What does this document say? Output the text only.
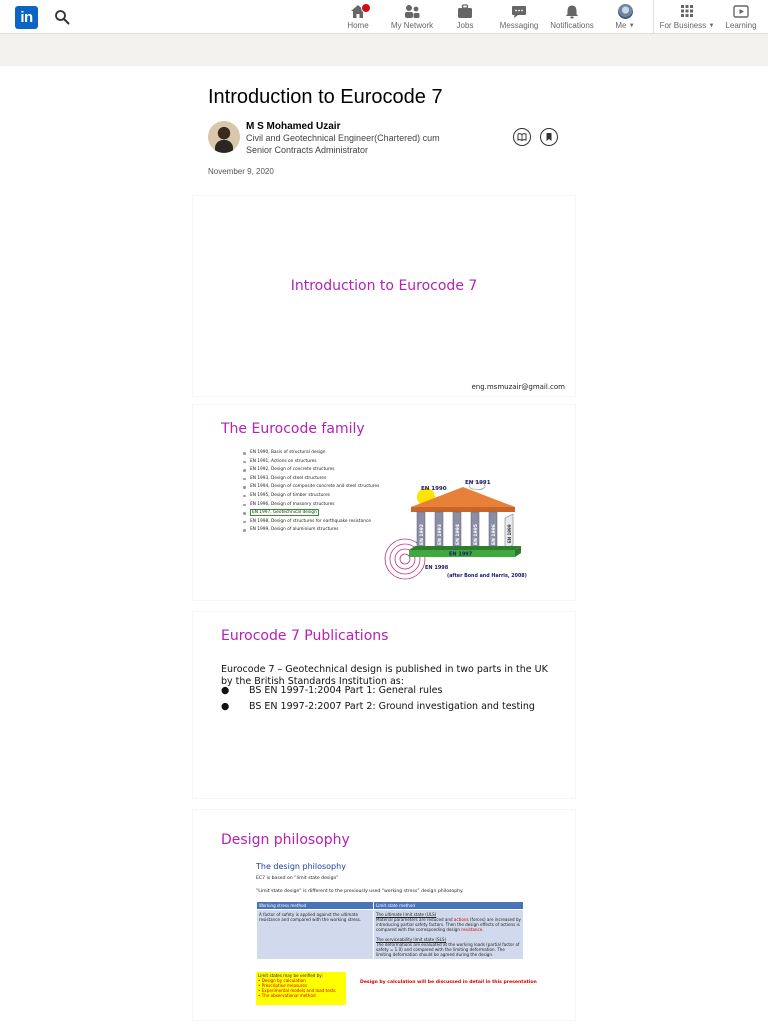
in	Home	My Network	Jobs	Messaging Notifications	Me ▼	For Business ▼ Learning
Introduction to Eurocode 7
M S Mohamed Uzair
Civil and Geotechnical Engineer(Chartered) cum Senior Contracts Administrator
November 9, 2020
Introduction to Eurocode 7
eng.msmuzair@gmail.com
The Eurocode family
EN 1990, Basis of structural design
EN 1991, Actions on structures
EN 1992, Design of concrete structures
EN 1993, Design of steel structures
EN 1994, Design of composite concrete and steel structures
EN 1995, Design of timber structures
EN 1996, Design of masonry structures
EN 1997, Geotechnical design
EN 1998, Design of structures for earthquake resistance
EN 1999, Design of aluminium structures
EN 1990
EN 1991
EN 1992	EN 1993	EN 1994	EN 1995	EN 1996	EN 1999
EN 1997
EN 1998
(after Bond and Harris, 2008)
Eurocode 7 Publications
Eurocode 7 – Geotechnical design is published in two parts in the UK by the British Standards Institution as:
● BS EN 1997-1:2004 Part 1: General rules
● BS EN 1997-2:2007 Part 2: Ground investigation and testing
Design philosophy
The design philosophy
EC7 is based on “limit state design”
“Limit state design” is different to the previously used “working stress” design philosophy.
Working stress method	Limit state method
A factor of safety is applied against the ultimate resistance and compared with the working stress.	The ultimate limit state (ULS)
Material parameters are reduced and actions (forces) are increased by introducing partial safety factors. Then the design effects of actions is compared with the corresponding design resistance.

The serviceability limit state (SLS)
The deformations are evaluated at the working loads (partial factor of safety = 1.0) and compared with the limiting deformation. The limiting deformation should be agreed during the design.
Limit states may be verified by:
• Design by calculation
• Prescriptive measures
• Experimental models and load tests
• The observational method
Design by calculation will be discussed in detail in this presentation
